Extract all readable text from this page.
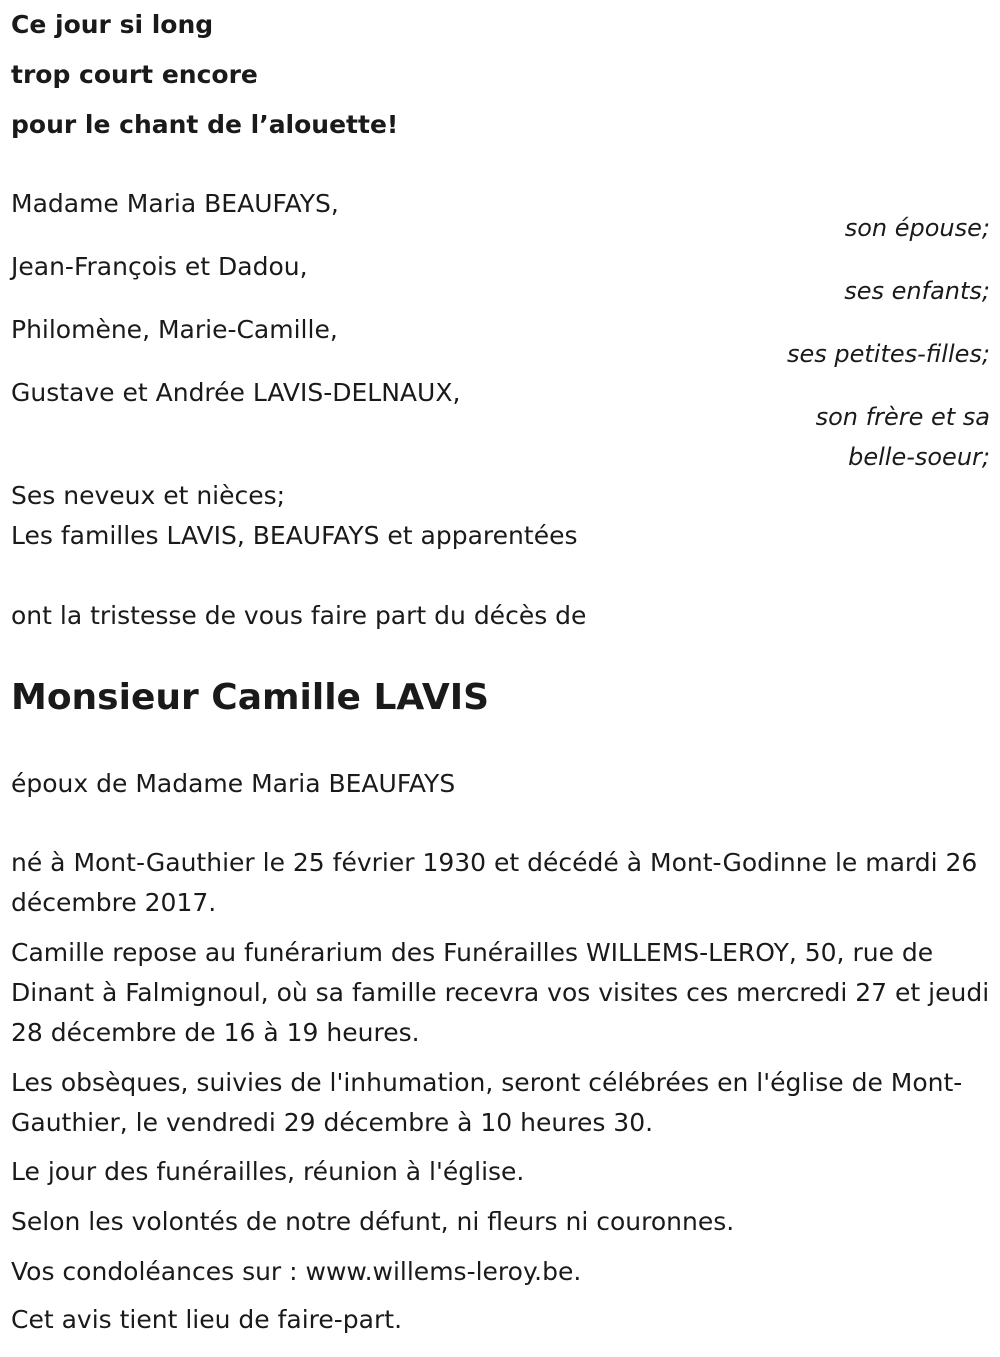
Ce jour si long
trop court encore
pour le chant de l’alouette!
Madame Maria BEAUFAYS,
son épouse;
Jean-François et Dadou,
ses enfants;
Philomène, Marie-Camille,
ses petites-filles;
Gustave et Andrée LAVIS-DELNAUX,
son frère et sa
belle-soeur;
Ses neveux et nièces;
Les familles LAVIS, BEAUFAYS et apparentées
ont la tristesse de vous faire part du décès de
Monsieur Camille LAVIS
époux de Madame Maria BEAUFAYS
né à Mont-Gauthier le 25 février 1930 et décédé à Mont-Godinne le mardi 26 décembre 2017.
Camille repose au funérarium des Funérailles WILLEMS-LEROY, 50, rue de Dinant à Falmignoul, où sa famille recevra vos visites ces mercredi 27 et jeudi 28 décembre de 16 à 19 heures.
Les obsèques, suivies de l'inhumation, seront célébrées en l'église de Mont-Gauthier, le vendredi 29 décembre à 10 heures 30.
Le jour des funérailles, réunion à l'église.
Selon les volontés de notre défunt, ni fleurs ni couronnes.
Vos condoléances sur : www.willems-leroy.be.
Cet avis tient lieu de faire-part.
